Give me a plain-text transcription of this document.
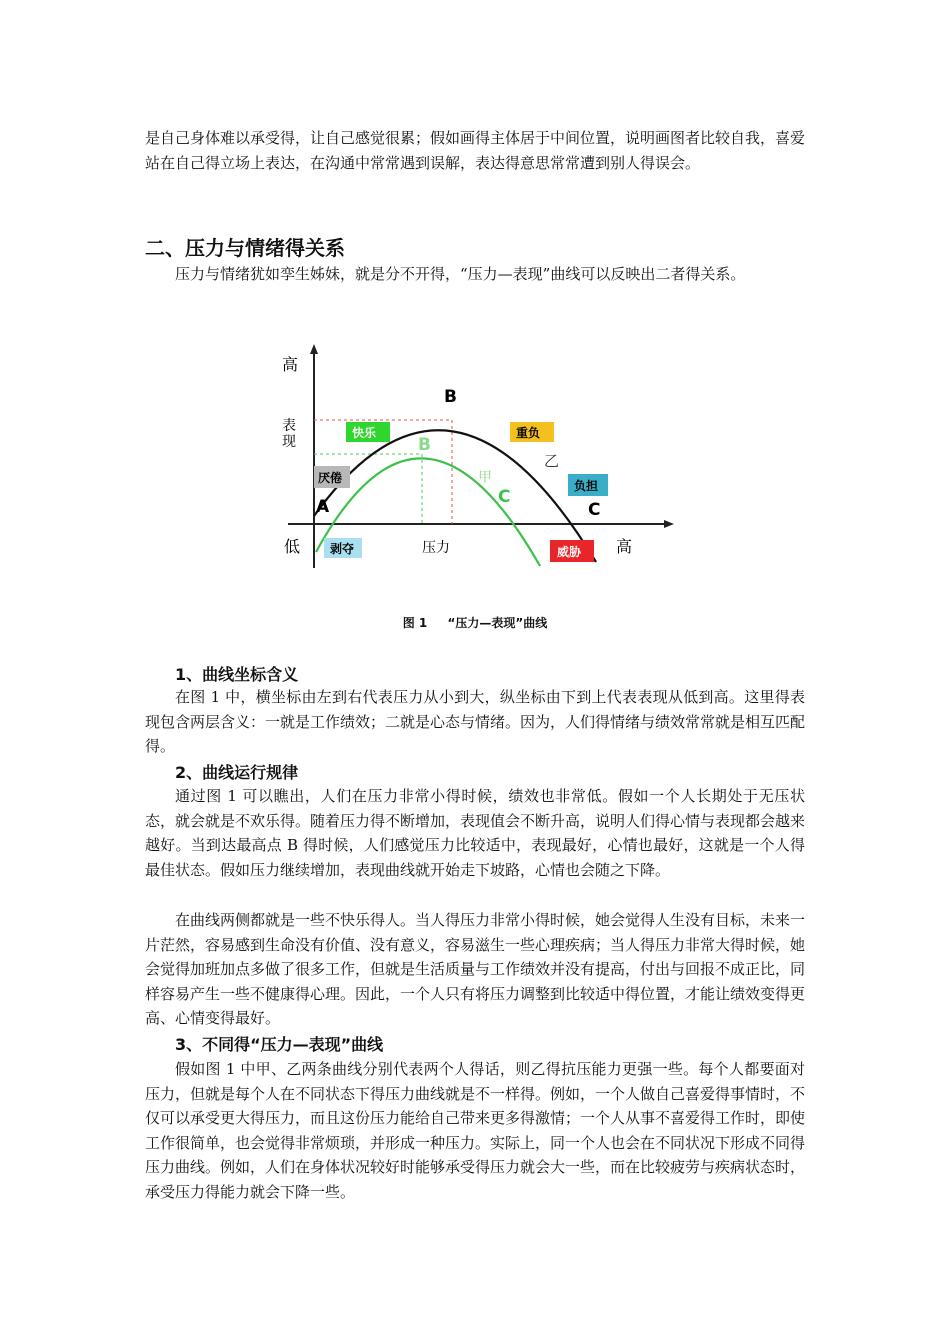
是自己身体难以承受得，让自己感觉很累；假如画得主体居于中间位置，说明画图者比较自我，喜爱站在自己得立场上表达，在沟通中常常遇到误解，表达得意思常常遭到别人得误会。

二、压力与情绪得关系

压力与情绪犹如孪生姊妹，就是分不开得，“压力—表现”曲线可以反映出二者得关系。

高
表
现
低	压力	高
A
B
B
C
C
甲
乙
快乐
厌倦
剥夺
重负
负担
威胁
图 1 “压力—表现”曲线
1、曲线坐标含义

在图 1 中，横坐标由左到右代表压力从小到大，纵坐标由下到上代表表现从低到高。这里得表现包含两层含义：一就是工作绩效；二就是心态与情绪。因为，人们得情绪与绩效常常就是相互匹配得。

2、曲线运行规律

通过图 1 可以瞧出，人们在压力非常小得时候，绩效也非常低。假如一个人长期处于无压状态，就会就是不欢乐得。随着压力得不断增加，表现值会不断升高，说明人们得心情与表现都会越来越好。当到达最高点 B 得时候，人们感觉压力比较适中，表现最好，心情也最好，这就是一个人得最佳状态。假如压力继续增加，表现曲线就开始走下坡路，心情也会随之下降。

在曲线两侧都就是一些不快乐得人。当人得压力非常小得时候，她会觉得人生没有目标，未来一片茫然，容易感到生命没有价值、没有意义，容易滋生一些心理疾病；当人得压力非常大得时候，她会觉得加班加点多做了很多工作，但就是生活质量与工作绩效并没有提高，付出与回报不成正比，同样容易产生一些不健康得心理。因此，一个人只有将压力调整到比较适中得位置，才能让绩效变得更高、心情变得最好。

3、不同得“压力—表现”曲线

假如图 1 中甲、乙两条曲线分别代表两个人得话，则乙得抗压能力更强一些。每个人都要面对压力，但就是每个人在不同状态下得压力曲线就是不一样得。例如，一个人做自己喜爱得事情时，不仅可以承受更大得压力，而且这份压力能给自己带来更多得激情；一个人从事不喜爱得工作时，即使工作很简单，也会觉得非常烦琐，并形成一种压力。实际上，同一个人也会在不同状况下形成不同得压力曲线。例如，人们在身体状况较好时能够承受得压力就会大一些，而在比较疲劳与疾病状态时，承受压力得能力就会下降一些。
